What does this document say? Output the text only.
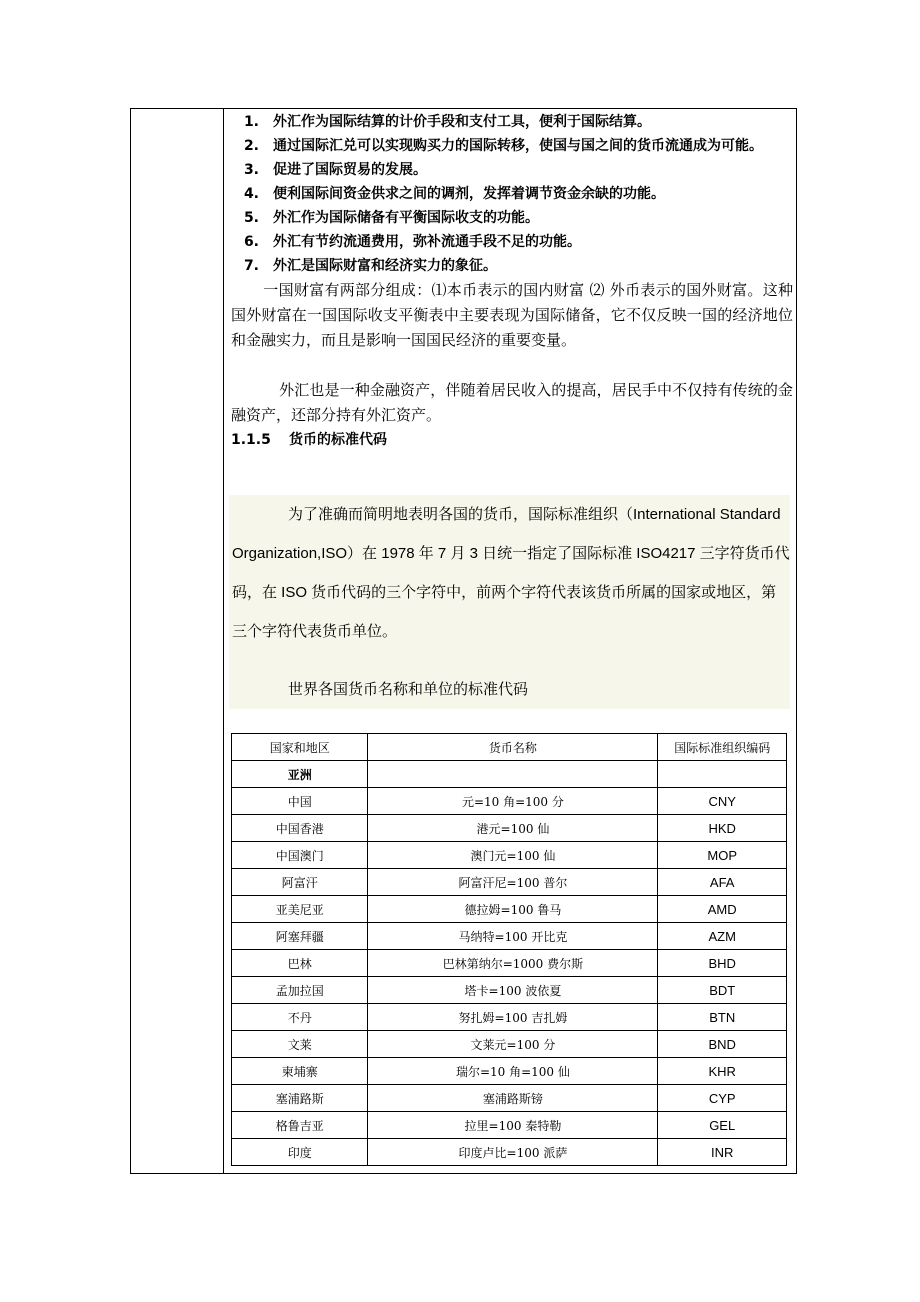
1. 外汇作为国际结算的计价手段和支付工具，便利于国际结算。

2. 通过国际汇兑可以实现购买力的国际转移，使国与国之间的货币流通成为可能。

3. 促进了国际贸易的发展。

4. 便利国际间资金供求之间的调剂，发挥着调节资金余缺的功能。

5. 外汇作为国际储备有平衡国际收支的功能。

6. 外汇有节约流通费用，弥补流通手段不足的功能。

7. 外汇是国际财富和经济实力的象征。

一国财富有两部分组成：⑴本币表示的国内财富 ⑵ 外币表示的国外财富。这种国外财富在一国国际收支平衡表中主要表现为国际储备，它不仅反映一国的经济地位和金融实力，而且是影响一国国民经济的重要变量。

外汇也是一种金融资产，伴随着居民收入的提高，居民手中不仅持有传统的金融资产，还部分持有外汇资产。

1.1.5 货币的标准代码

为了准确而简明地表明各国的货币，国际标准组织（International Standard Organization,ISO）在 1978 年 7 月 3 日统一指定了国际标准 ISO4217 三字符货币代码，在 ISO 货币代码的三个字符中，前两个字符代表该货币所属的国家或地区，第三个字符代表货币单位。

世界各国货币名称和单位的标准代码

国家和地区	货币名称	国际标准组织编码
亚洲		
中国	元=10 角=100 分	CNY
中国香港	港元=100 仙	HKD
中国澳门	澳门元=100 仙	MOP
阿富汗	阿富汗尼=100 普尔	AFA
亚美尼亚	德拉姆=100 鲁马	AMD
阿塞拜疆	马纳特=100 开比克	AZM
巴林	巴林第纳尔=1000 费尔斯	BHD
孟加拉国	塔卡=100 波依夏	BDT
不丹	努扎姆=100 吉扎姆	BTN
文莱	文莱元=100 分	BND
柬埔寨	瑞尔=10 角=100 仙	KHR
塞浦路斯	塞浦路斯镑	CYP
格鲁吉亚	拉里=100 秦特勒	GEL
印度	印度卢比=100 派萨	INR
